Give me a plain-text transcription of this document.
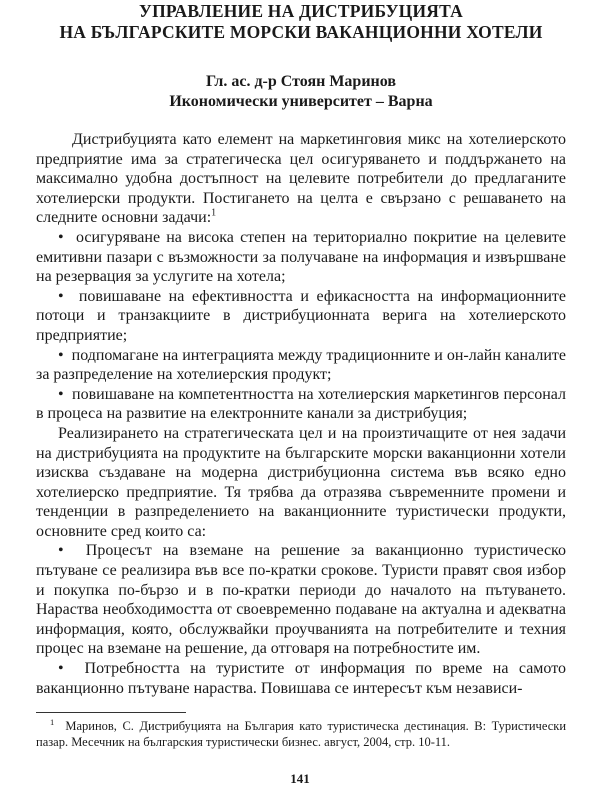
УПРАВЛЕНИЕ НА ДИСТРИБУЦИЯТА
НА БЪЛГАРСКИТЕ МОРСКИ ВАКАНЦИОННИ ХОТЕЛИ
Гл. ас. д-р Стоян Маринов
Икономически университет – Варна

Дистрибуцията като елемент на маркетинговия микс на хотелиерското предприятие има за стратегическа цел осигуряването и поддържането на максимално удобна достъпност на целевите потребители до предлаганите хотелиерски продукти. Постигането на целта е свързано с решаването на следните основни задачи:$^1$

• осигуряване на висока степен на териториално покритие на целевите емитивни пазари с възможности за получаване на информация и извършване на резервация за услугите на хотела;

• повишаване на ефективността и ефикасността на информационните потоци и транзакциите в дистрибуционната верига на хотелиерското предприятие;

• подпомагане на интеграцията между традиционните и он-лайн каналите за разпределение на хотелиерския продукт;

• повишаване на компетентността на хотелиерския маркетингов персонал в процеса на развитие на електронните канали за дистрибуция;

Реализирането на стратегическата цел и на произтичащите от нея задачи на дистрибуцията на продуктите на българските морски ваканционни хотели изисква създаване на модерна дистрибуционна система във всяко едно хотелиерско предприятие. Тя трябва да отразява съвременните промени и тенденции в разпределението на ваканционните туристически продукти, основните сред които са:

• Процесът на вземане на решение за ваканционно туристическо пътуване се реализира във все по-кратки срокове. Туристи правят своя избор и покупка по-бързо и в по-кратки периоди до началото на пътуването. Нараства необходимостта от своевременно подаване на актуална и адекватна информация, която, обслужвайки проучванията на потребителите и техния процес на вземане на решение, да отговаря на потребностите им.

• Потребността на туристите от информация по време на самото ваканционно пътуване нараства. Повишава се интересът към независи-

$^1$ Маринов, С. Дистрибуцията на България като туристическа дестинация. В: Туристически пазар. Месечник на българския туристически бизнес. август, 2004, стр. 10-11.
141
